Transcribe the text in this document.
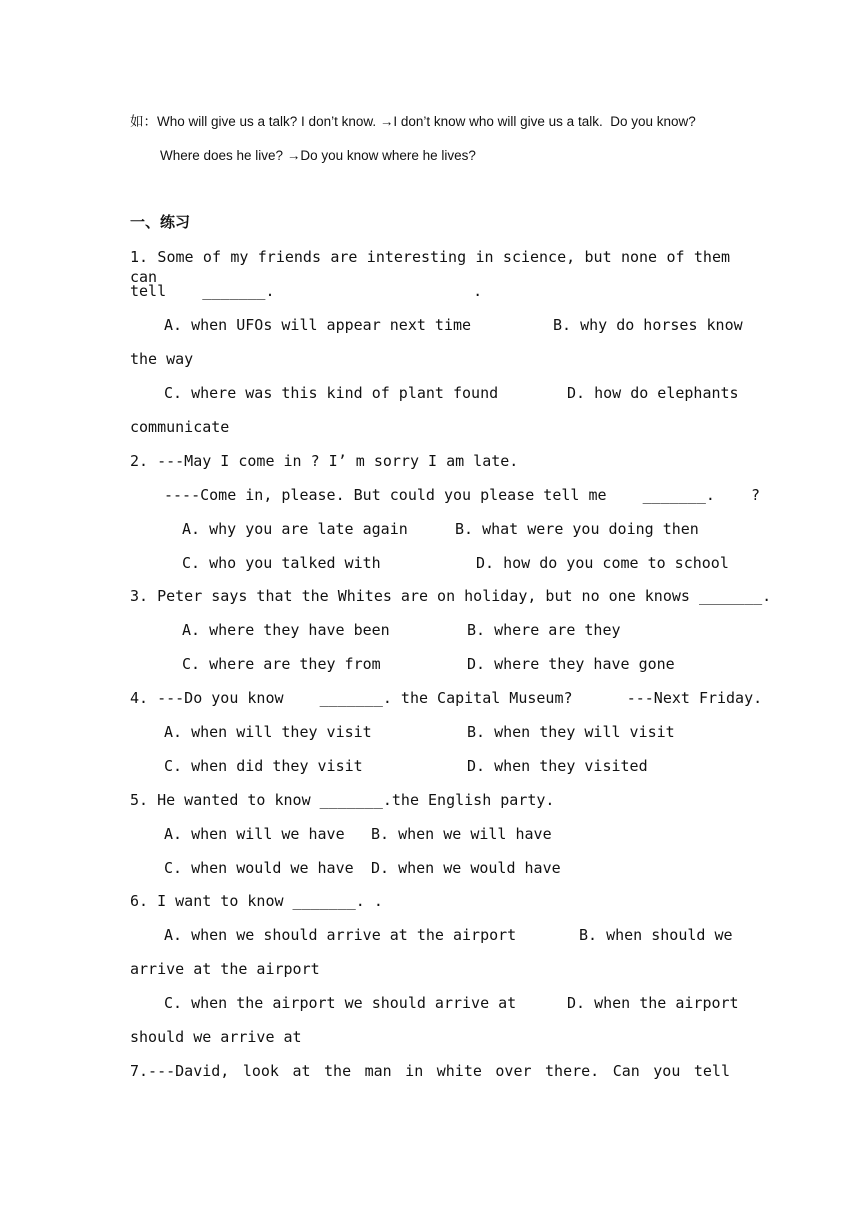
如：Who will give us a talk? I don’t know. →I don’t know who will give us a talk.  Do you know?
Where does he live? →Do you know where he lives?
一、练习
1. Some of my friends are interesting in science, but none of them can
tell    _______.                      .
A. when UFOs will appear next time	B. why do horses know
the way
C. where was this kind of plant found	D. how do elephants
communicate
2. ---May I come in ? I’ m sorry I am late.
----Come in, please. But could you please tell me    _______.    ?
A. why you are late again	B. what were you doing then
C. who you talked with	D. how do you come to school
3. Peter says that the Whites are on holiday, but no one knows _______.
A. where they have been	B. where are they
C. where are they from	D. where they have gone
4. ---Do you know    _______. the Capital Museum?      ---Next Friday.
A. when will they visit	B. when they will visit
C. when did they visit	D. when they visited
5. He wanted to know _______.the English party.
A. when will we have B. when we will have
C. when would we have D. when we would have
6. I want to know _______. .
A. when we should arrive at the airport	B. when should we
arrive at the airport
C. when the airport we should arrive at	D. when the airport
should we arrive at
7.---David, look at the man in white over there. Can you tell
